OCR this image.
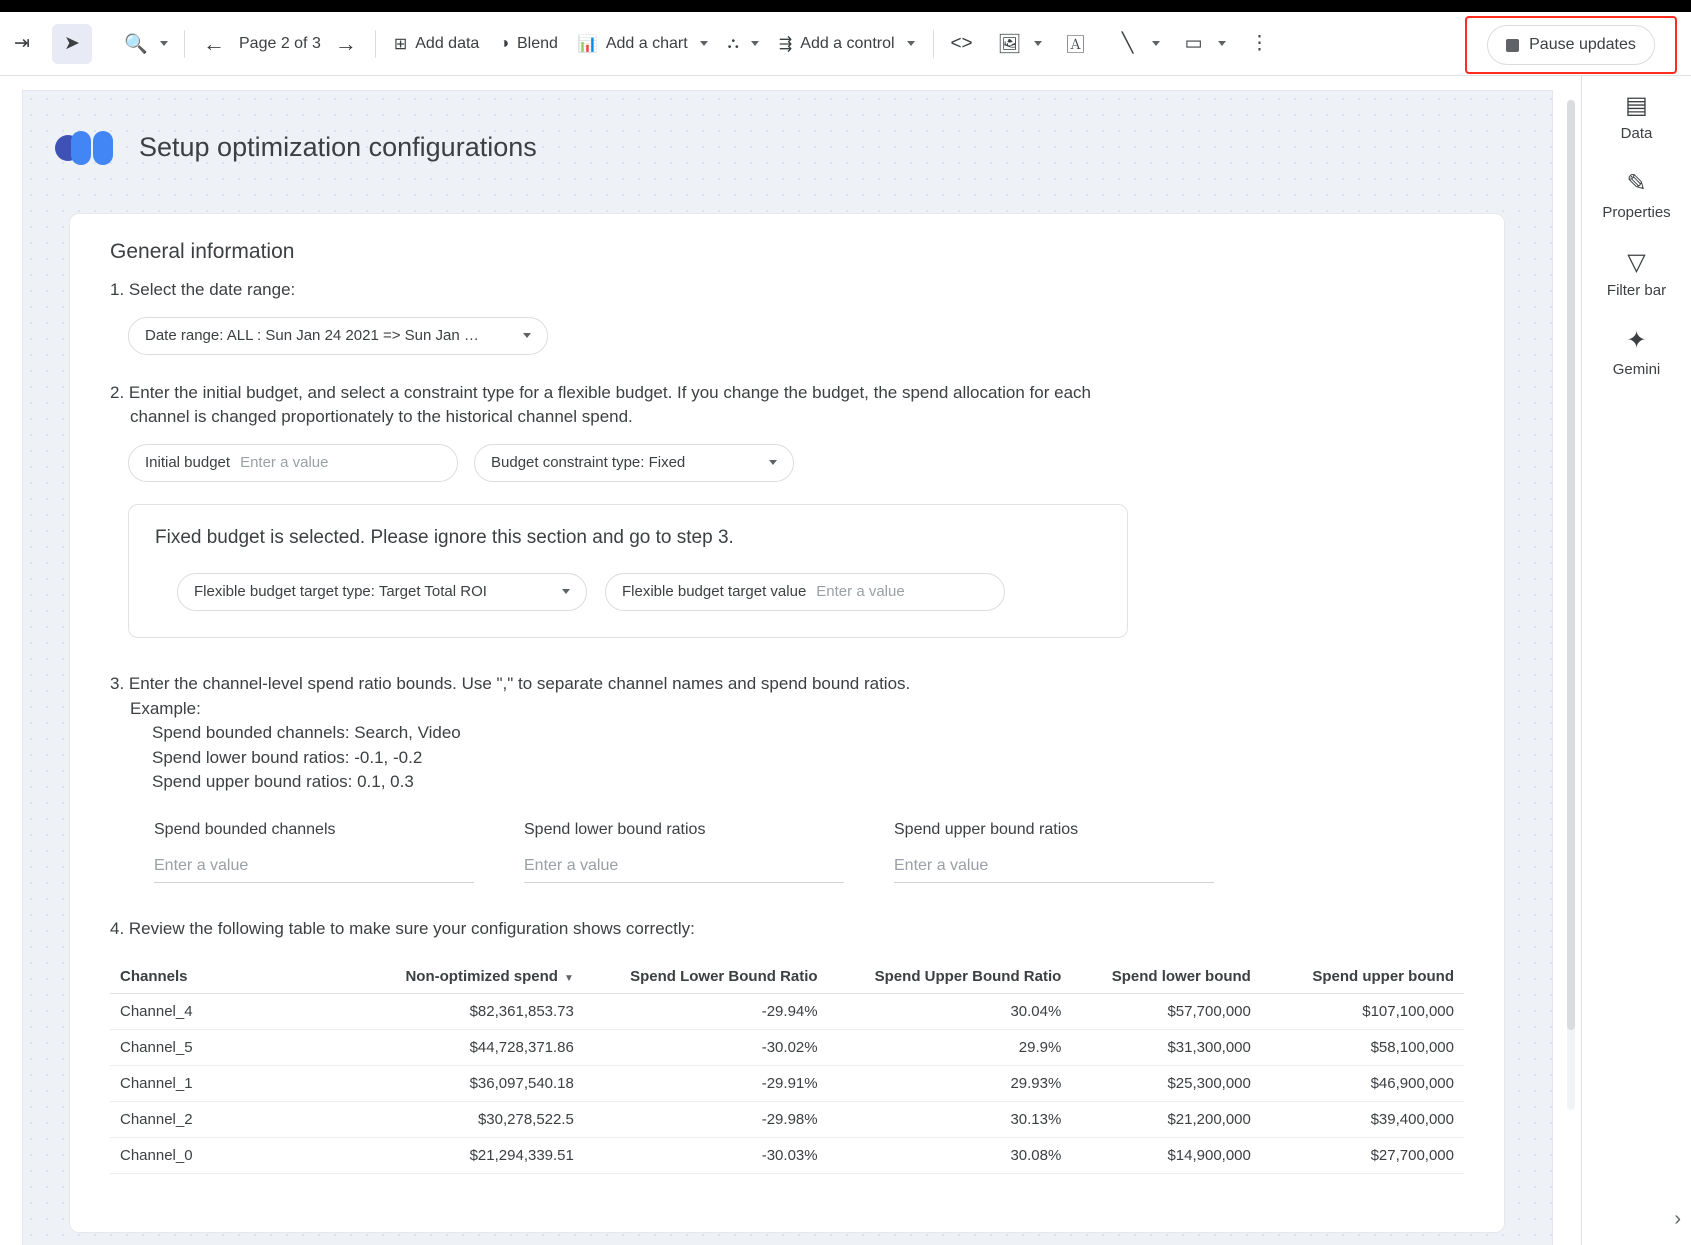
⇥	➤	🔍	← Page 2 of 3 →	⊞ Add data ◑ Blend 📊 Add a chart	⛬	⇶ Add a control	<>	🖼	🄰	╲	▭	⋮	Pause updates
Setup optimization configurations
General information
1. Select the date range:
Date range: ALL : Sun Jan 24 2021 => Sun Jan …
2. Enter the initial budget, and select a constraint type for a flexible budget. If you change the budget, the spend allocation for each
channel is changed proportionately to the historical channel spend.
Initial budget Enter a value	Budget constraint type: Fixed
Fixed budget is selected. Please ignore this section and go to step 3.
Flexible budget target type: Target Total ROI	Flexible budget target value Enter a value
3. Enter the channel-level spend ratio bounds. Use "," to separate channel names and spend bound ratios.
Example:
Spend bounded channels: Search, Video
Spend lower bound ratios: -0.1, -0.2
Spend upper bound ratios: 0.1, 0.3
Spend bounded channels
Enter a value
Spend lower bound ratios
Enter a value
Spend upper bound ratios
Enter a value
4. Review the following table to make sure your configuration shows correctly:
Channels	Non-optimized spend ▼	Spend Lower Bound Ratio	Spend Upper Bound Ratio	Spend lower bound	Spend upper bound
Channel_4	$82,361,853.73	-29.94%	30.04%	$57,700,000	$107,100,000
Channel_5	$44,728,371.86	-30.02%	29.9%	$31,300,000	$58,100,000
Channel_1	$36,097,540.18	-29.91%	29.93%	$25,300,000	$46,900,000
Channel_2	$30,278,522.5	-29.98%	30.13%	$21,200,000	$39,400,000
Channel_0	$21,294,339.51	-30.03%	30.08%	$14,900,000	$27,700,000
▤
Data
✎
Properties
▽
Filter bar
✦
Gemini
›
